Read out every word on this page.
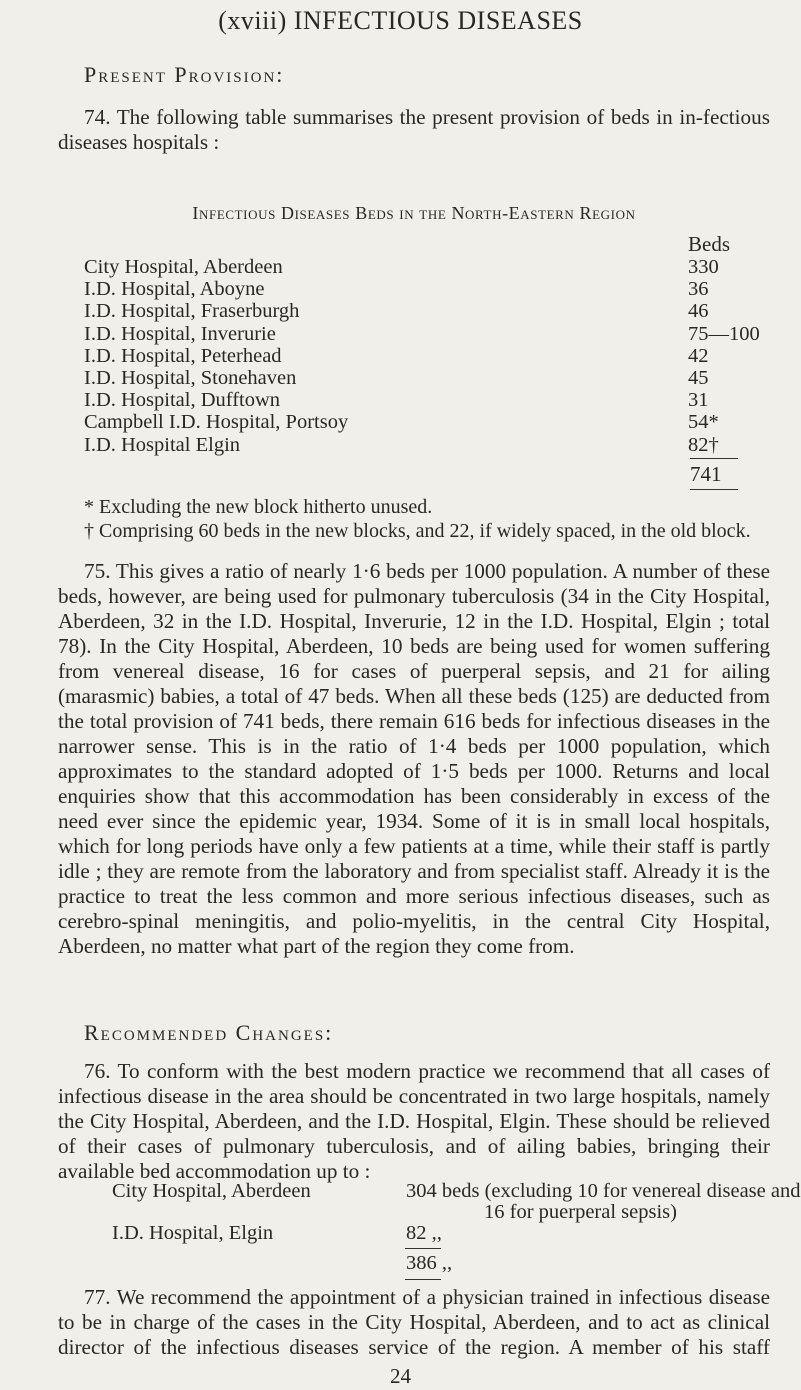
(xviii) INFECTIOUS DISEASES
Present Provision:
74. The following table summarises the present provision of beds in in-fectious diseases hospitals :
Infectious Diseases Beds in the North-Eastern Region
Beds
City Hospital, Aberdeen	330
I.D. Hospital, Aboyne	36
I.D. Hospital, Fraserburgh	46
I.D. Hospital, Inverurie	75—100
I.D. Hospital, Peterhead	42
I.D. Hospital, Stonehaven	45
I.D. Hospital, Dufftown	31
Campbell I.D. Hospital, Portsoy	54*
I.D. Hospital Elgin	82†
741
* Excluding the new block hitherto unused.
† Comprising 60 beds in the new blocks, and 22, if widely spaced, in the old block.
75. This gives a ratio of nearly 1·6 beds per 1000 population. A number of these beds, however, are being used for pulmonary tuberculosis (34 in the City Hospital, Aberdeen, 32 in the I.D. Hospital, Inverurie, 12 in the I.D. Hospital, Elgin ; total 78). In the City Hospital, Aberdeen, 10 beds are being used for women suffering from venereal disease, 16 for cases of puerperal sepsis, and 21 for ailing (marasmic) babies, a total of 47 beds. When all these beds (125) are deducted from the total provision of 741 beds, there remain 616 beds for infectious diseases in the narrower sense. This is in the ratio of 1·4 beds per 1000 population, which approximates to the standard adopted of 1·5 beds per 1000. Returns and local enquiries show that this accommodation has been considerably in excess of the need ever since the epidemic year, 1934. Some of it is in small local hospitals, which for long periods have only a few patients at a time, while their staff is partly idle ; they are remote from the laboratory and from specialist staff. Already it is the practice to treat the less common and more serious infectious diseases, such as cerebro-spinal meningitis, and polio-myelitis, in the central City Hospital, Aberdeen, no matter what part of the region they come from.
Recommended Changes:
76. To conform with the best modern practice we recommend that all cases of infectious disease in the area should be concentrated in two large hospitals, namely the City Hospital, Aberdeen, and the I.D. Hospital, Elgin. These should be relieved of their cases of pulmonary tuberculosis, and of ailing babies, bringing their available bed accommodation up to :
City Hospital, Aberdeen	304 beds (excluding 10 for venereal disease and
16 for puerperal sepsis)
I.D. Hospital, Elgin	82 ,,
386 ,,
77. We recommend the appointment of a physician trained in infectious disease to be in charge of the cases in the City Hospital, Aberdeen, and to act as clinical director of the infectious diseases service of the region. A member of his staff
24
